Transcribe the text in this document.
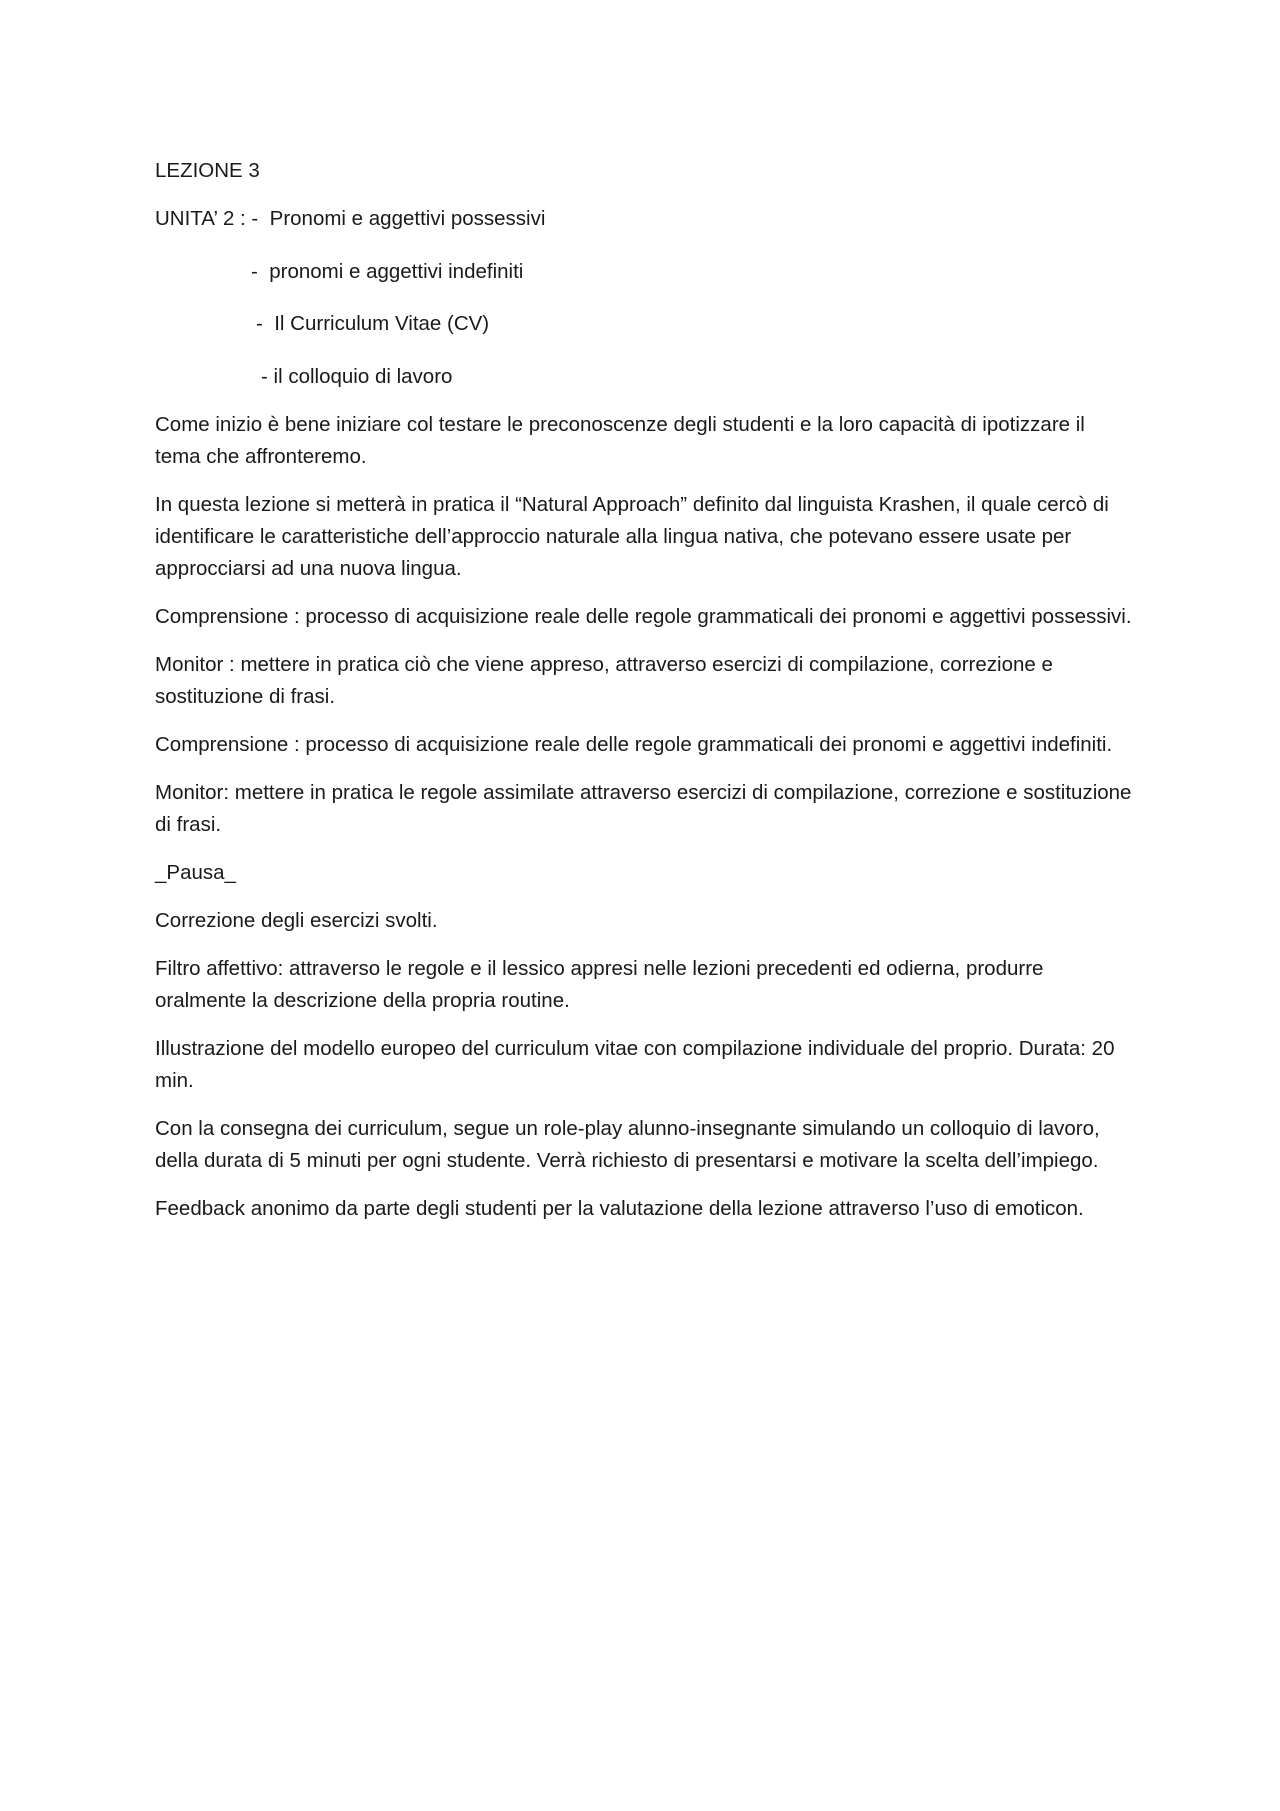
LEZIONE 3

UNITA’ 2 : -  Pronomi e aggettivi possessivi

-  pronomi e aggettivi indefiniti

-  Il Curriculum Vitae (CV)

- il colloquio di lavoro

Come inizio è bene iniziare col testare le preconoscenze degli studenti e la loro capacità di ipotizzare il tema che affronteremo.

In questa lezione si metterà in pratica il “Natural Approach” definito dal linguista Krashen, il quale cercò di identificare le caratteristiche dell’approccio naturale alla lingua nativa, che potevano essere usate per approcciarsi ad una nuova lingua.

Comprensione : processo di acquisizione reale delle regole grammaticali dei pronomi e aggettivi possessivi.

Monitor : mettere in pratica ciò che viene appreso, attraverso esercizi di compilazione, correzione e sostituzione di frasi.

Comprensione : processo di acquisizione reale delle regole grammaticali dei pronomi e aggettivi indefiniti.

Monitor: mettere in pratica le regole assimilate attraverso esercizi di compilazione, correzione e sostituzione di frasi.

_Pausa_

Correzione degli esercizi svolti.

Filtro affettivo: attraverso le regole e il lessico appresi nelle lezioni precedenti ed odierna, produrre oralmente la descrizione della propria routine.

Illustrazione del modello europeo del curriculum vitae con compilazione individuale del proprio. Durata: 20 min.

Con la consegna dei curriculum, segue un role-play alunno-insegnante simulando un colloquio di lavoro, della durata di 5 minuti per ogni studente. Verrà richiesto di presentarsi e motivare la scelta dell’impiego.

Feedback anonimo da parte degli studenti per la valutazione della lezione attraverso l’uso di emoticon.
